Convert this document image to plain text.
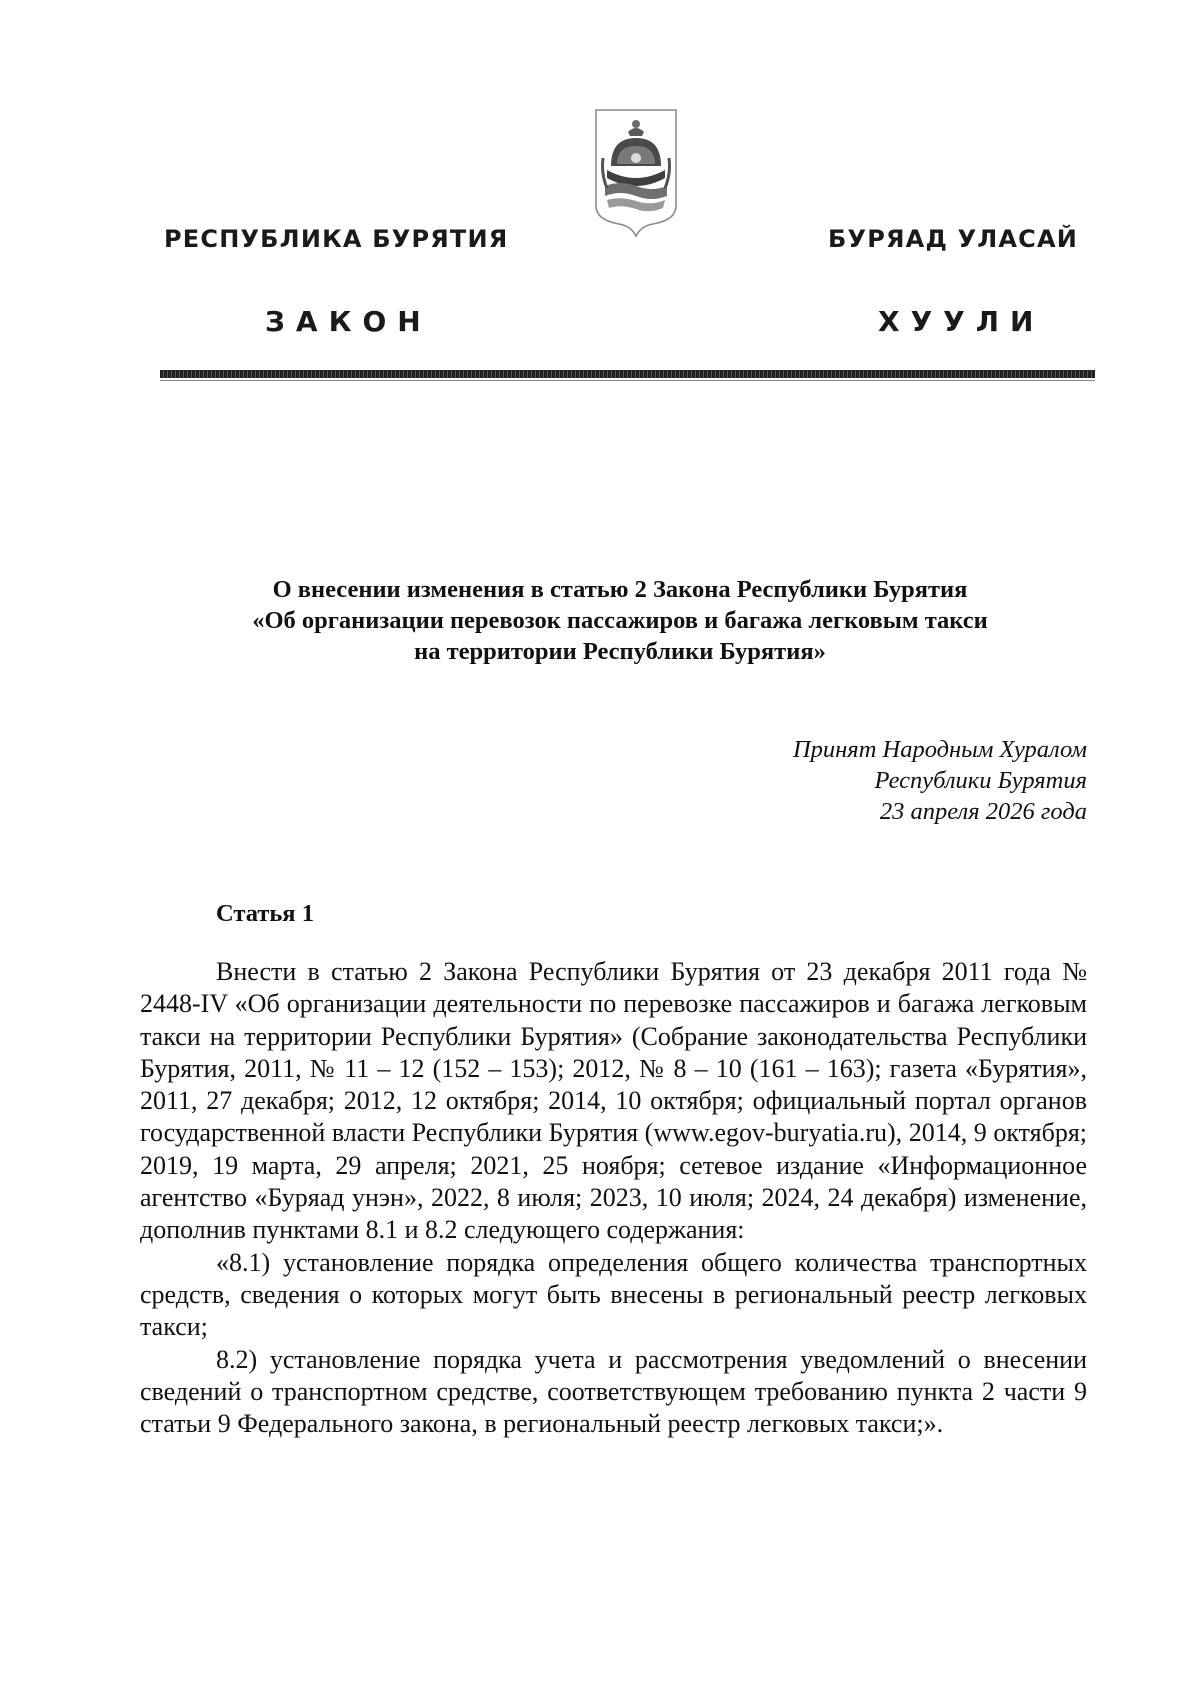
РЕСПУБЛИКА БУРЯТИЯ	БУРЯАД УЛАСАЙ
ЗАКОН	ХУУЛИ
О внесении изменения в статью 2 Закона Республики Бурятия
«Об организации перевозок пассажиров и багажа легковым такси
на территории Республики Бурятия»
Принят Народным Хуралом
Республики Бурятия
23 апреля 2026 года
Статья 1

Внести в статью 2 Закона Республики Бурятия от 23 декабря 2011 года № 2448-IV «Об организации деятельности по перевозке пассажиров и багажа легковым такси на территории Республики Бурятия» (Собрание законодательства Республики Бурятия, 2011, № 11 – 12 (152 – 153); 2012, № 8 – 10 (161 – 163); газета «Бурятия», 2011, 27 декабря; 2012, 12 октября; 2014, 10 октября; официальный портал органов государственной власти Республики Бурятия (www.egov-buryatia.ru), 2014, 9 октября; 2019, 19 марта, 29 апреля; 2021, 25 ноября; сетевое издание «Информационное агентство «Буряад унэн», 2022, 8 июля; 2023, 10 июля; 2024, 24 декабря) изменение, дополнив пунктами 8.1 и 8.2 следующего содержания:

«8.1) установление порядка определения общего количества транспортных средств, сведения о которых могут быть внесены в региональный реестр легковых такси;

8.2) установление порядка учета и рассмотрения уведомлений о внесении сведений о транспортном средстве, соответствующем требованию пункта 2 части 9 статьи 9 Федерального закона, в региональный реестр легковых такси;».
